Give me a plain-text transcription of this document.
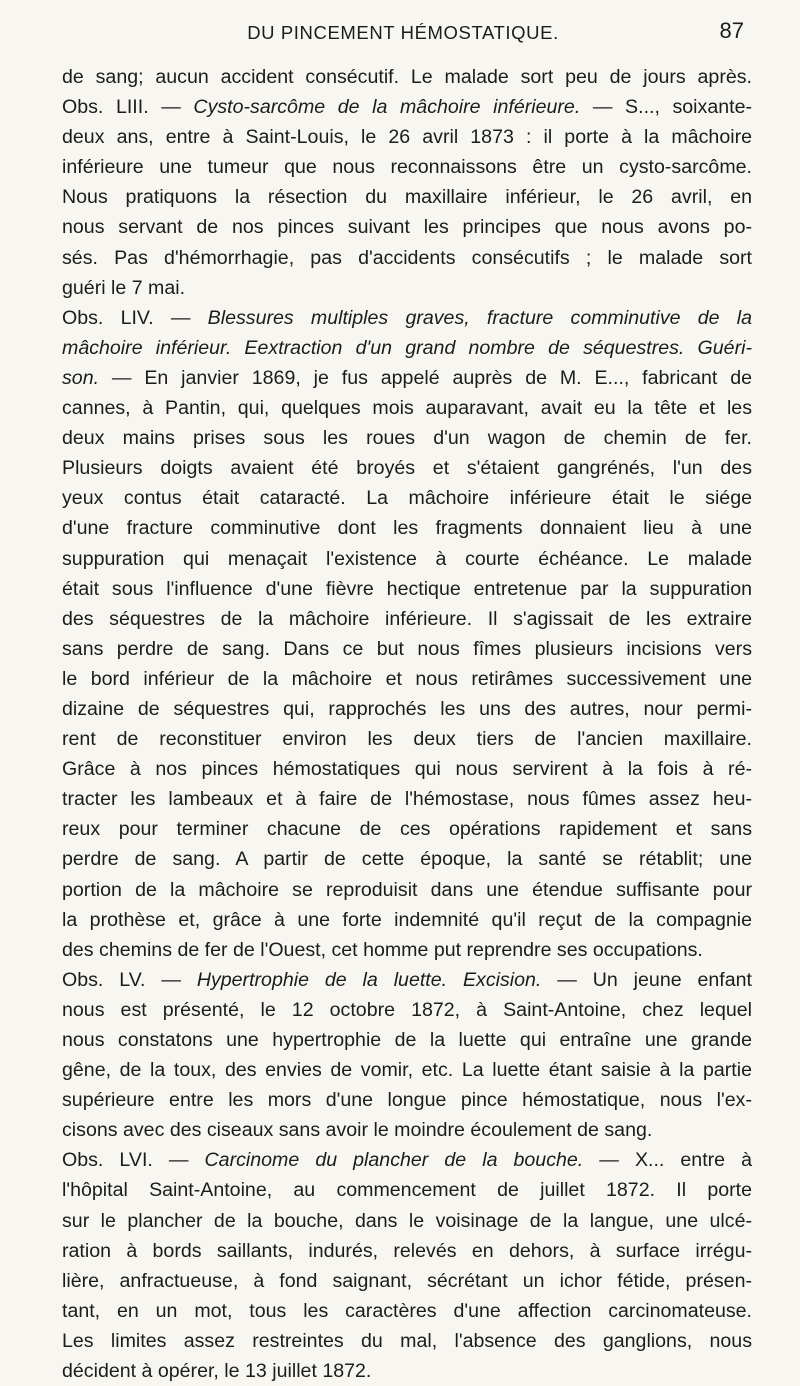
DU PINCEMENT HÉMOSTATIQUE.	87
de sang; aucun accident consécutif. Le malade sort peu de jours après.
Obs. LIII. — Cysto-sarcôme de la mâchoire inférieure. — S..., soixante-
deux ans, entre à Saint-Louis, le 26 avril 1873 : il porte à la mâchoire
inférieure une tumeur que nous reconnaissons être un cysto-sarcôme.
Nous pratiquons la résection du maxillaire inférieur, le 26 avril, en
nous servant de nos pinces suivant les principes que nous avons po-
sés. Pas d'hémorrhagie, pas d'accidents consécutifs ; le malade sort
guéri le 7 mai.
Obs. LIV. — Blessures multiples graves, fracture comminutive de la
mâchoire inférieur. Eextraction d'un grand nombre de séquestres. Guéri-
son. — En janvier 1869, je fus appelé auprès de M. E..., fabricant de
cannes, à Pantin, qui, quelques mois auparavant, avait eu la tête et les
deux mains prises sous les roues d'un wagon de chemin de fer.
Plusieurs doigts avaient été broyés et s'étaient gangrénés, l'un des
yeux contus était cataracté. La mâchoire inférieure était le siége
d'une fracture comminutive dont les fragments donnaient lieu à une
suppuration qui menaçait l'existence à courte échéance. Le malade
était sous l'influence d'une fièvre hectique entretenue par la suppuration
des séquestres de la mâchoire inférieure. Il s'agissait de les extraire
sans perdre de sang. Dans ce but nous fîmes plusieurs incisions vers
le bord inférieur de la mâchoire et nous retirâmes successivement une
dizaine de séquestres qui, rapprochés les uns des autres, nour permi-
rent de reconstituer environ les deux tiers de l'ancien maxillaire.
Grâce à nos pinces hémostatiques qui nous servirent à la fois à ré-
tracter les lambeaux et à faire de l'hémostase, nous fûmes assez heu-
reux pour terminer chacune de ces opérations rapidement et sans
perdre de sang. A partir de cette époque, la santé se rétablit; une
portion de la mâchoire se reproduisit dans une étendue suffisante pour
la prothèse et, grâce à une forte indemnité qu'il reçut de la compagnie
des chemins de fer de l'Ouest, cet homme put reprendre ses occupations.
Obs. LV. — Hypertrophie de la luette. Excision. — Un jeune enfant
nous est présenté, le 12 octobre 1872, à Saint-Antoine, chez lequel
nous constatons une hypertrophie de la luette qui entraîne une grande
gêne, de la toux, des envies de vomir, etc. La luette étant saisie à la partie
supérieure entre les mors d'une longue pince hémostatique, nous l'ex-
cisons avec des ciseaux sans avoir le moindre écoulement de sang.
Obs. LVI. — Carcinome du plancher de la bouche. — X... entre à
l'hôpital Saint-Antoine, au commencement de juillet 1872. Il porte
sur le plancher de la bouche, dans le voisinage de la langue, une ulcé-
ration à bords saillants, indurés, relevés en dehors, à surface irrégu-
lière, anfractueuse, à fond saignant, sécrétant un ichor fétide, présen-
tant, en un mot, tous les caractères d'une affection carcinomateuse.
Les limites assez restreintes du mal, l'absence des ganglions, nous
décident à opérer, le 13 juillet 1872.
